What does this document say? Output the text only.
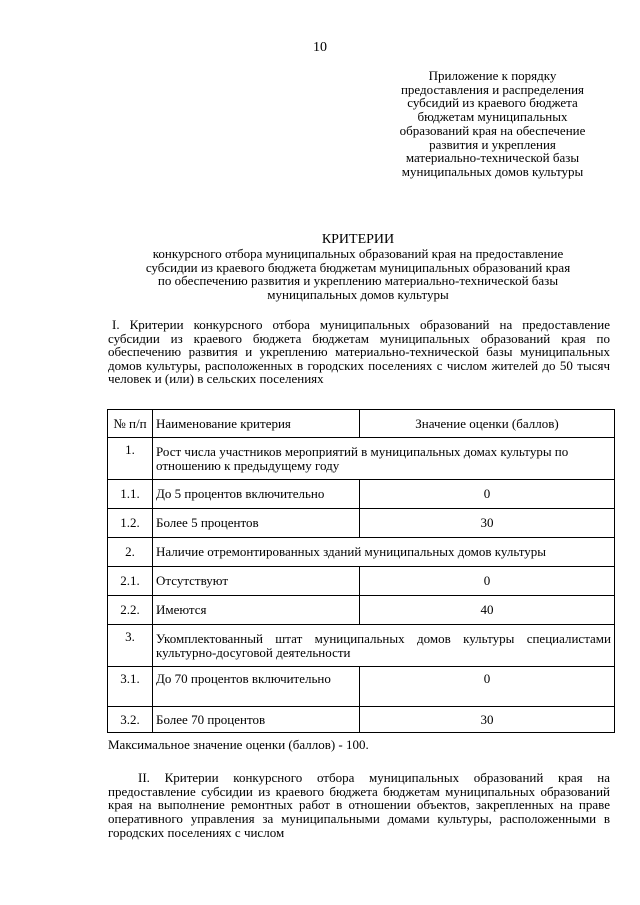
10
Приложение к порядку
предоставления и распределения
субсидий из краевого бюджета
бюджетам муниципальных
образований края на обеспечение
развития и укрепления
материально-технической базы
муниципальных домов культуры
КРИТЕРИИ
конкурсного отбора муниципальных образований края на предоставление
субсидии из краевого бюджета бюджетам муниципальных образований края
по обеспечению развития и укреплению материально-технической базы
муниципальных домов культуры
I. Критерии конкурсного отбора муниципальных образований на предоставление субсидии из краевого бюджета бюджетам муниципальных образований края по обеспечению развития и укреплению материально-технической базы муниципальных домов культуры, расположенных в городских поселениях с числом жителей до 50 тысяч человек и (или) в сельских поселениях
№ п/п	Наименование критерия	Значение оценки (баллов)
1.	Рост числа участников мероприятий в муниципальных домах культуры по отношению к предыдущему году	
1.1.	До 5 процентов включительно	0
1.2.	Более 5 процентов	30
2.	Наличие отремонтированных зданий муниципальных домов культуры	
2.1.	Отсутствуют	0
2.2.	Имеются	40
3.	Укомплектованный штат муниципальных домов культуры специалистами культурно-досуговой деятельности	
3.1.	До 70 процентов включительно	0
3.2.	Более 70 процентов	30
Максимальное значение оценки (баллов) - 100.
II. Критерии конкурсного отбора муниципальных образований края на предоставление субсидии из краевого бюджета бюджетам муниципальных образований края на выполнение ремонтных работ в отношении объектов, закрепленных на праве оперативного управления за муниципальными домами культуры, расположенными в городских поселениях с числом
